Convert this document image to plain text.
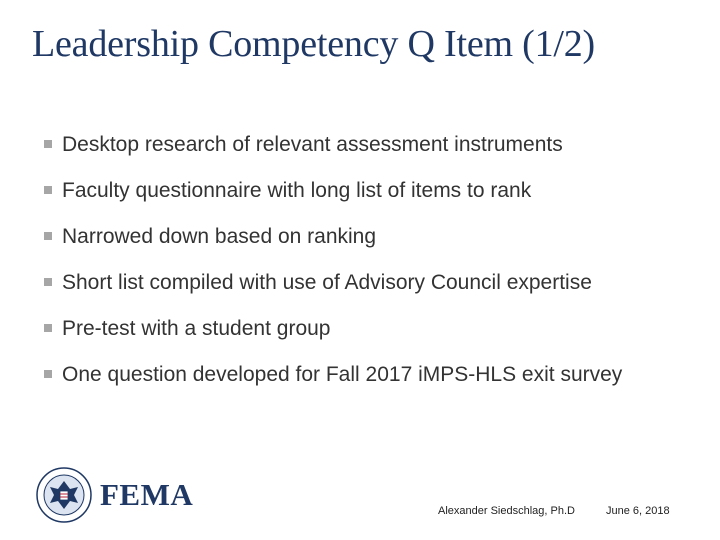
Leadership Competency Q Item (1/2)
Desktop research of relevant assessment instruments
Faculty questionnaire with long list of items to rank
Narrowed down based on ranking
Short list compiled with use of Advisory Council expertise
Pre-test with a student group
One question developed for Fall 2017 iMPS-HLS exit survey
FEMA	Alexander Siedschlag, Ph.D	June 6, 2018
